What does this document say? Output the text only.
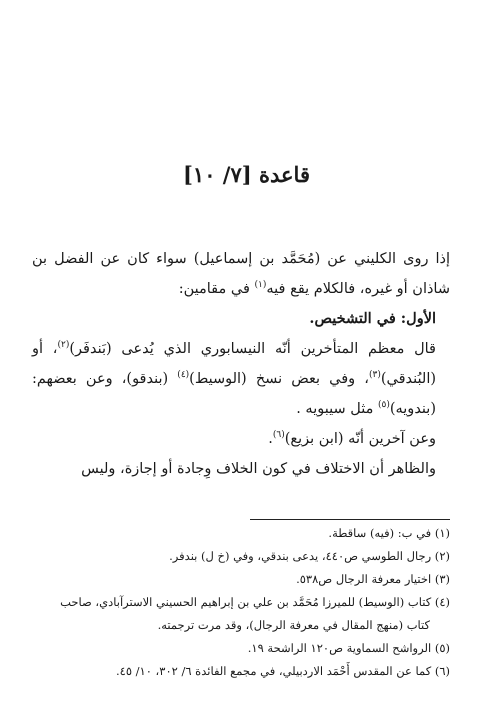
قاعدة [٧/ ١٠]

إذا روى الكليني عن (مُحَمَّد بن إسماعيل) سواء كان عن الفضل بن

شاذان أو غيره، فالكلام يقع فيه$^{(١)}$ في مقامين:

الأول: في التشخيص.

قال معظم المتأخرين أنّه النيسابوري الذي يُدعى (بَندفَر)$^{(٢)}$، أو (البُندقي)$^{(٣)}$، وفي بعض نسخ (الوسيط)$^{(٤)}$ (بندقو)، وعن بعضهم: (بندويه)$^{(٥)}$ مثل سيبويه .

وعن آخرين أنّه (ابن بزيع)$^{(٦)}$.

والظاهر أن الاختلاف في كون الخلاف وِجادة أو إجازة، وليس

(١) في ب: (فيه) ساقطة.

(٢) رجال الطوسي ص٤٤٠، يدعى بندقي، وفي (خ ل) بندفر.

(٣) اختيار معرفة الرجال ص٥٣٨.

(٤) كتاب (الوسيط) للميرزا مُحَمَّد بن علي بن إبراهيم الحسيني الاسترآبادي، صاحب

كتاب (منهج المقال في معرفة الرجال)، وقد مرت ترجمته.

(٥) الرواشح السماوية ص١٢٠ الراشحة ١٩.

(٦) كما عن المقدس أَحْمَد الاردبيلي، في مجمع الفائدة ٦/ ٣٠٢، ١٠/ ٤٥.
